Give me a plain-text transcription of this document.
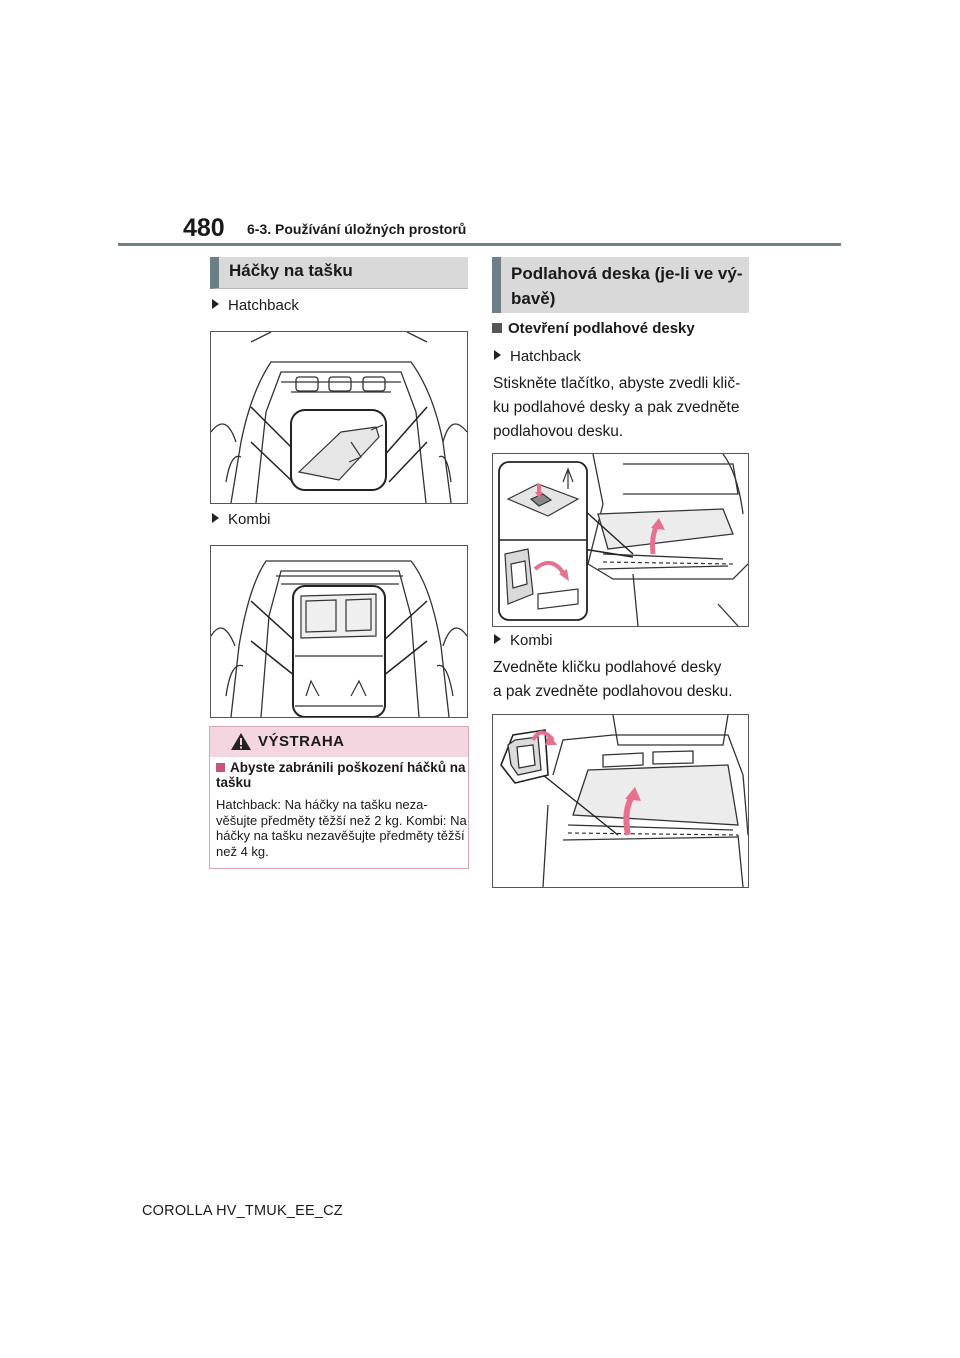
480 6-3. Používání úložných prostorů
Háčky na tašku
Hatchback
Kombi
VÝSTRAHA
Abyste zabránili poškození háčků na tašku
Hatchback: Na háčky na tašku neza-věšujte předměty těžší než 2 kg. Kombi: Na háčky na tašku nezavěšujte předměty těžší než 4 kg.
Podlahová deska (je-li ve vý-bavě)
Otevření podlahové desky
Hatchback
Stiskněte tlačítko, abyste zvedli klič-ku podlahové desky a pak zvedněte podlahovou desku.
Kombi
Zvedněte kličku podlahové desky
a pak zvedněte podlahovou desku.
COROLLA HV_TMUK_EE_CZ
